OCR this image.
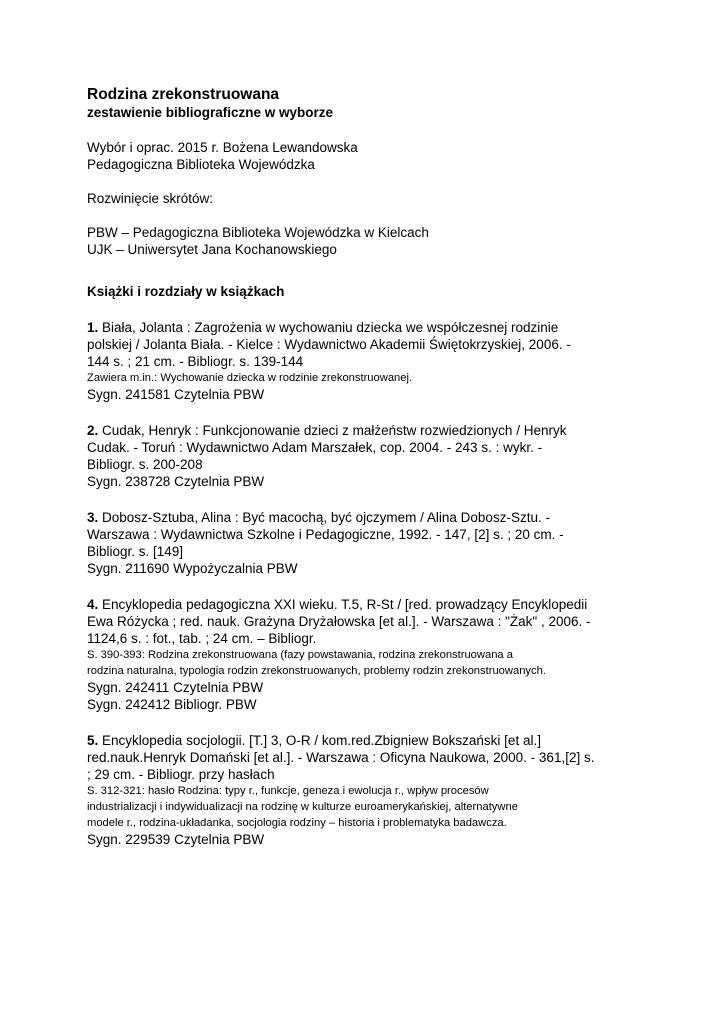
Rodzina zrekonstruowana

zestawienie bibliograficzne w wyborze

Wybór i oprac. 2015 r. Bożena Lewandowska

Pedagogiczna Biblioteka Wojewódzka

Rozwinięcie skrótów:

PBW – Pedagogiczna Biblioteka Wojewódzka w Kielcach

UJK – Uniwersytet Jana Kochanowskiego

Książki i rozdziały w książkach

1. Biała, Jolanta : Zagrożenia w wychowaniu dziecka we współczesnej rodzinie

polskiej / Jolanta Biała. - Kielce : Wydawnictwo Akademii Świętokrzyskiej, 2006. -

144 s. ; 21 cm. - Bibliogr. s. 139-144

Zawiera m.in.: Wychowanie dziecka w rodzinie zrekonstruowanej.

Sygn. 241581 Czytelnia PBW

2. Cudak, Henryk : Funkcjonowanie dzieci z małżeństw rozwiedzionych / Henryk

Cudak. - Toruń : Wydawnictwo Adam Marszałek, cop. 2004. - 243 s. : wykr. -

Bibliogr. s. 200-208

Sygn. 238728 Czytelnia PBW

3. Dobosz-Sztuba, Alina : Być macochą, być ojczymem / Alina Dobosz-Sztu. -

Warszawa : Wydawnictwa Szkolne i Pedagogiczne, 1992. - 147, [2] s. ; 20 cm. -

Bibliogr. s. [149]

Sygn. 211690 Wypożyczalnia PBW

4. Encyklopedia pedagogiczna XXI wieku. T.5, R-St / [red. prowadzący Encyklopedii

Ewa Różycka ; red. nauk. Grażyna Dryżałowska [et al.]. - Warszawa : "Żak" , 2006. -

1124,6 s. : fot., tab. ; 24 cm. – Bibliogr.

S. 390-393: Rodzina zrekonstruowana (fazy powstawania, rodzina zrekonstruowana a

rodzina naturalna, typologia rodzin zrekonstruowanych, problemy rodzin zrekonstruowanych.

Sygn. 242411 Czytelnia PBW

Sygn. 242412 Bibliogr. PBW

5. Encyklopedia socjologii. [T.] 3, O-R / kom.red.Zbigniew Bokszański [et al.]

red.nauk.Henryk Domański [et al.]. - Warszawa : Oficyna Naukowa, 2000. - 361,[2] s.

; 29 cm. - Bibliogr. przy hasłach

S. 312-321: hasło Rodzina: typy r., funkcje, geneza i ewolucja r., wpływ procesów

industrializacji i indywidualizacji na rodzinę w kulturze euroamerykańskiej, alternatywne

modele r., rodzina-układanka, socjologia rodziny – historia i problematyka badawcza.

Sygn. 229539 Czytelnia PBW
